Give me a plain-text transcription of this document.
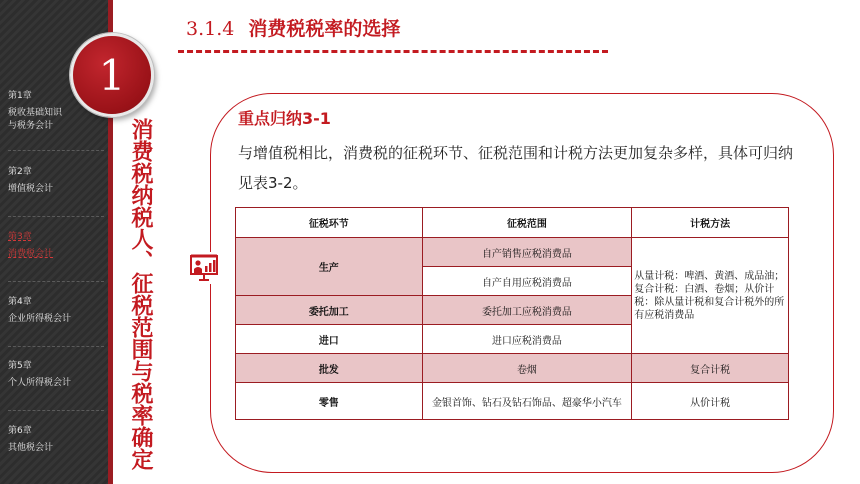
第1章
税收基础知识与税务会计
第2章
增值税会计
第3章
消费税会计
第4章
企业所得税会计
第5章
个人所得税会计
第6章
其他税会计
1
消费税纳税人、征税范围与税率确定
3.1.4 消费税税率的选择
重点归纳3-1
与增值税相比，消费税的征税环节、征税范围和计税方法更加复杂多样，具体可归纳见表3-2。
征税环节	征税范围	计税方法
生产	自产销售应税消费品	从量计税：啤酒、黄酒、成品油；复合计税：白酒、卷烟；从价计税：除从量计税和复合计税外的所有应税消费品
	自产自用应税消费品	
委托加工	委托加工应税消费品	
进口	进口应税消费品	
批发	卷烟	复合计税
零售	金银首饰、钻石及钻石饰品、超豪华小汽车	从价计税
